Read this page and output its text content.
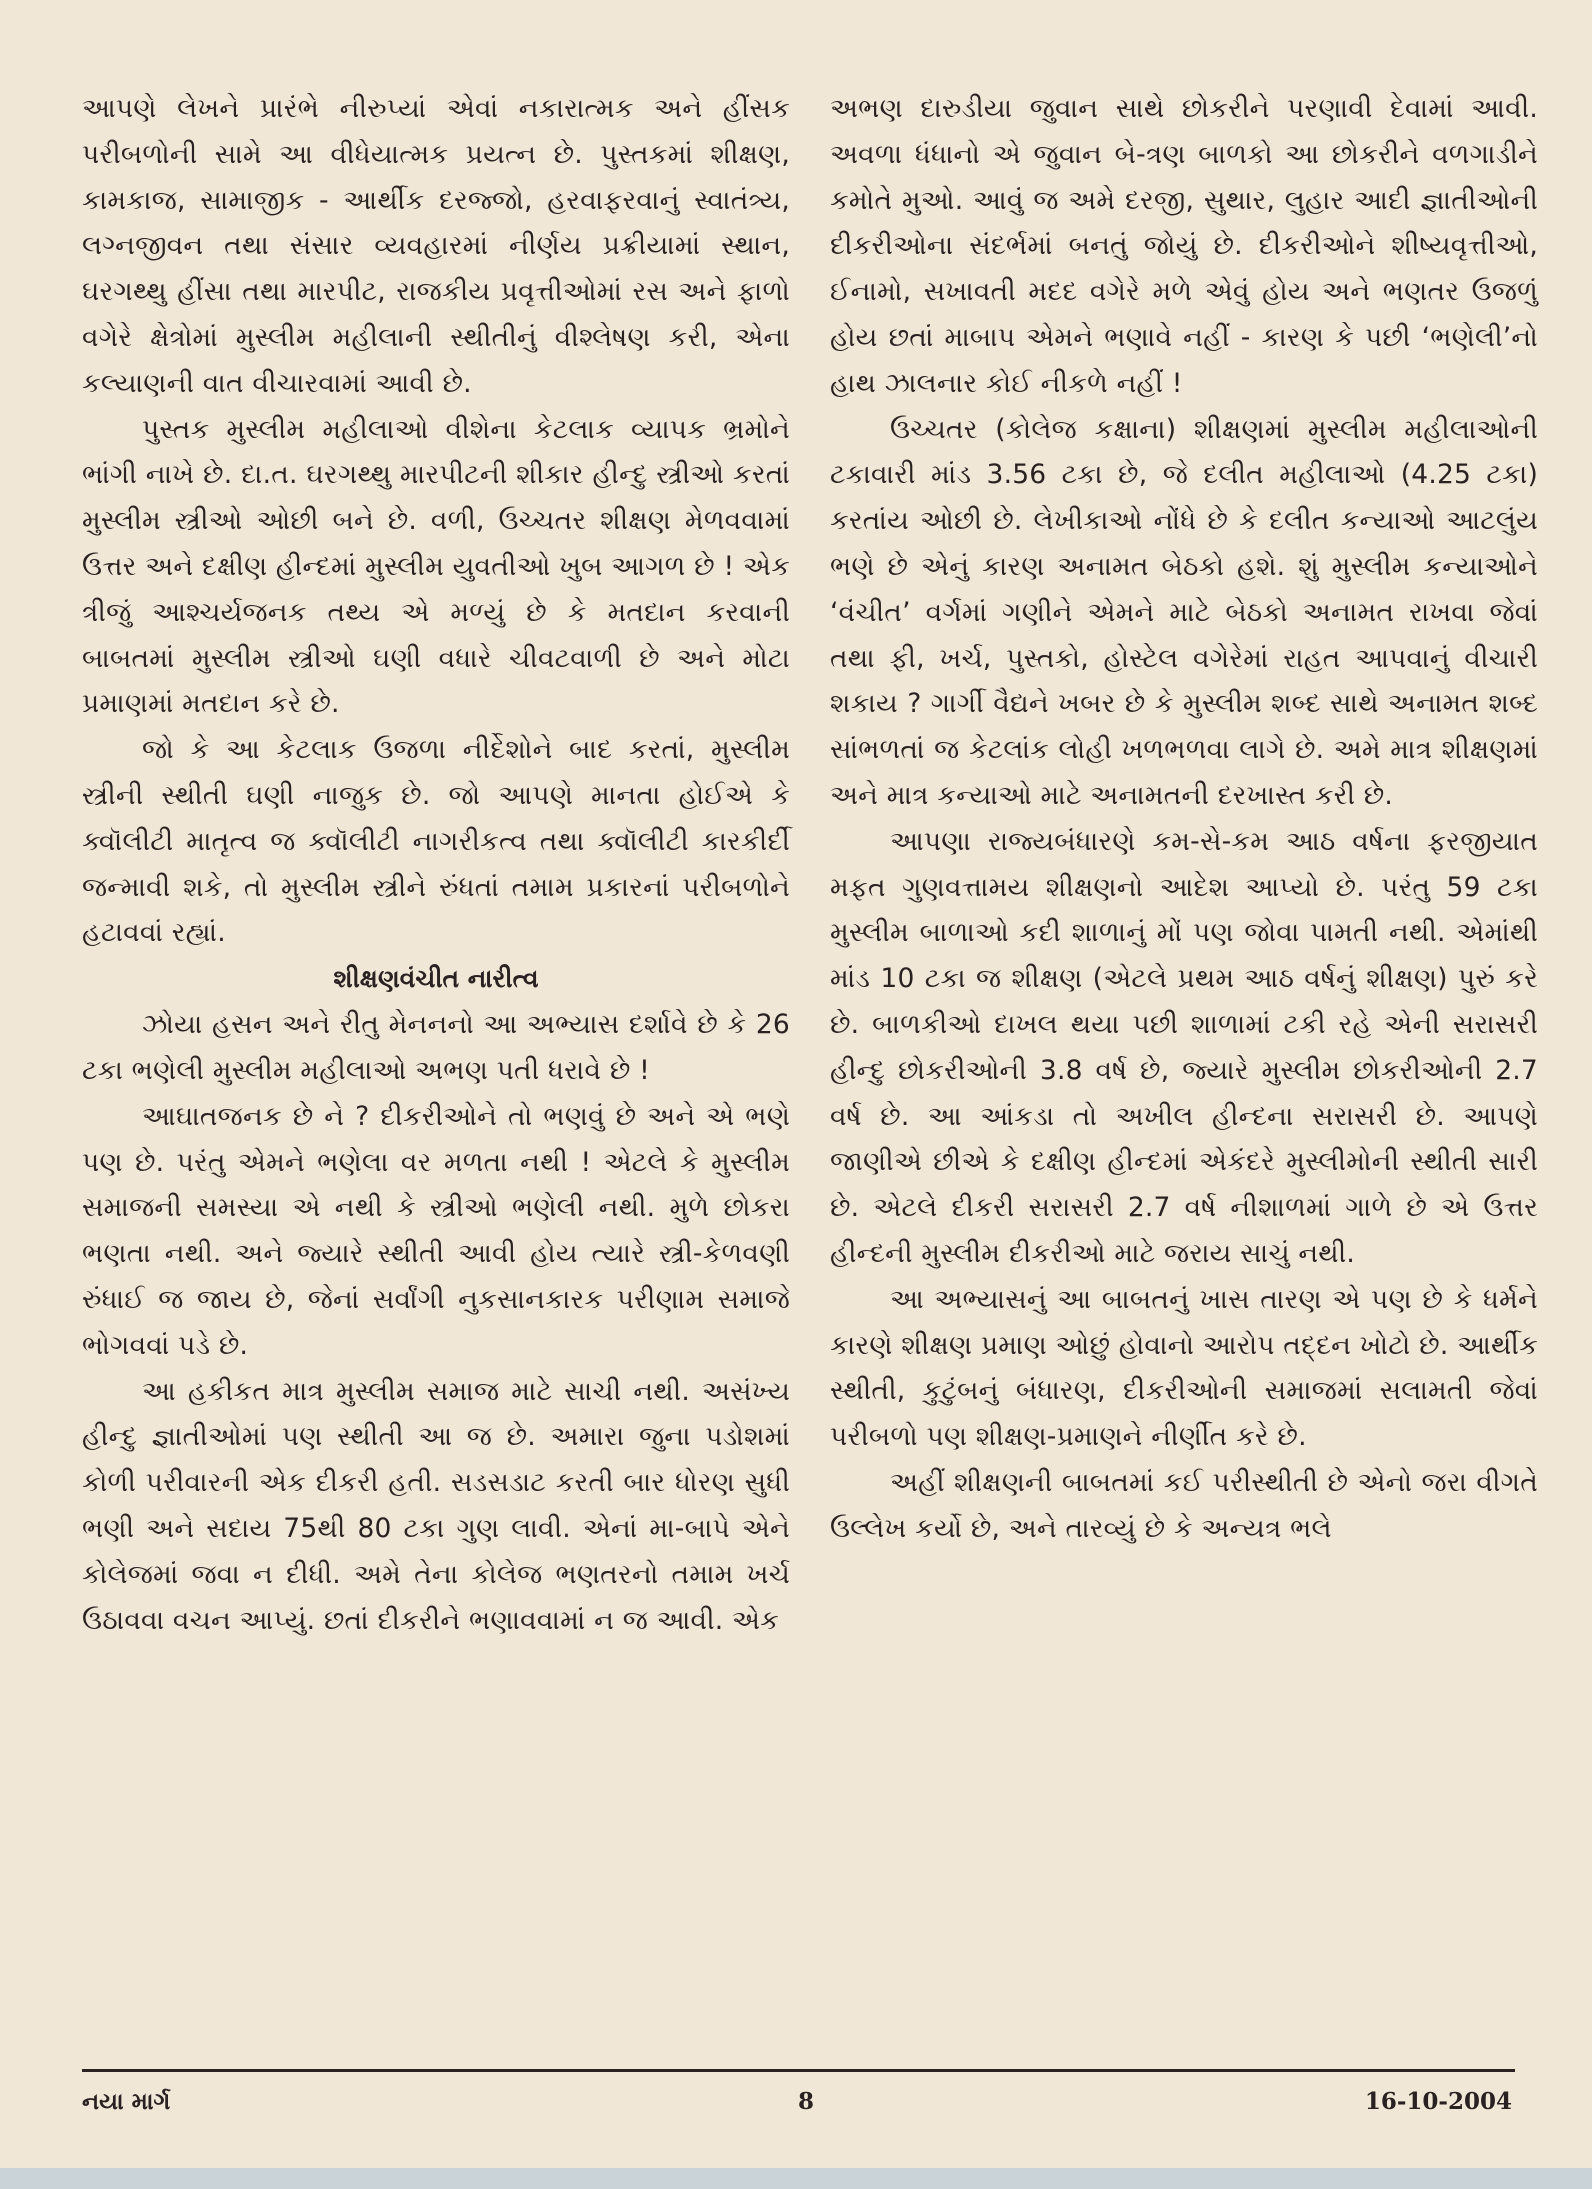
આપણે લેખને પ્રારંભે નીરુપ્યાં એવાં નકારાત્મક અને હીંસક પરીબળોની સામે આ વીધેયાત્મક પ્રયત્ન છે. પુસ્તકમાં શીક્ષણ, કામકાજ, સામાજીક - આર્થીક દરજ્જો, હરવાફરવાનું સ્વાતંત્ર્ય, લગ્નજીવન તથા સંસાર વ્યવહારમાં નીર્ણય પ્રક્રીયામાં સ્થાન, ઘરગથ્થુ હીંસા તથા મારપીટ, રાજકીય પ્રવૃત્તીઓમાં રસ અને ફાળો વગેરે ક્ષેત્રોમાં મુસ્લીમ મહીલાની સ્થીતીનું વીશ્લેષણ કરી, એના કલ્યાણની વાત વીચારવામાં આવી છે.

પુસ્તક મુસ્લીમ મહીલાઓ વીશેના કેટલાક વ્યાપક ભ્રમોને ભાંગી નાખે છે. દા.ત. ઘરગથ્થુ મારપીટની શીકાર હીન્દુ સ્ત્રીઓ કરતાં મુસ્લીમ સ્ત્રીઓ ઓછી બને છે. વળી, ઉચ્ચતર શીક્ષણ મેળવવામાં ઉત્તર અને દક્ષીણ હીન્દમાં મુસ્લીમ યુવતીઓ ખુબ આગળ છે ! એક ત્રીજું આશ્ચર્યજનક તથ્ય એ મળ્યું છે કે મતદાન કરવાની બાબતમાં મુસ્લીમ સ્ત્રીઓ ઘણી વધારે ચીવટવાળી છે અને મોટા પ્રમાણમાં મતદાન કરે છે.

જો કે આ કેટલાક ઉજળા નીર્દેશોને બાદ કરતાં, મુસ્લીમ સ્ત્રીની સ્થીતી ઘણી નાજુક છે. જો આપણે માનતા હોઈએ કે ક્વૉલીટી માતૃત્વ જ ક્વૉલીટી નાગરીકત્વ તથા ક્વૉલીટી કારકીર્દી જન્માવી શકે, તો મુસ્લીમ સ્ત્રીને રુંધતાં તમામ પ્રકારનાં પરીબળોને હટાવવાં રહ્યાં.

શીક્ષણવંચીત નારીત્વ

ઝોયા હસન અને રીતુ મેનનનો આ અભ્યાસ દર્શાવે છે કે 26 ટકા ભણેલી મુસ્લીમ મહીલાઓ અભણ પતી ધરાવે છે !

આઘાતજનક છે ને ? દીકરીઓને તો ભણવું છે અને એ ભણે પણ છે. પરંતુ એમને ભણેલા વર મળતા નથી ! એટલે કે મુસ્લીમ સમાજની સમસ્યા એ નથી કે સ્ત્રીઓ ભણેલી નથી. મુળે છોકરા ભણતા નથી. અને જ્યારે સ્થીતી આવી હોય ત્યારે સ્ત્રી-કેળવણી રુંધાઈ જ જાય છે, જેનાં સર્વાંગી નુકસાનકારક પરીણામ સમાજે ભોગવવાં પડે છે.

આ હકીકત માત્ર મુસ્લીમ સમાજ માટે સાચી નથી. અસંખ્ય હીન્દુ જ્ઞાતીઓમાં પણ સ્થીતી આ જ છે. અમારા જુના પડોશમાં કોળી પરીવારની એક દીકરી હતી. સડસડાટ કરતી બાર ધોરણ સુધી ભણી અને સદાય 75થી 80 ટકા ગુણ લાવી. એનાં મા-બાપે એને કોલેજમાં જવા ન દીધી. અમે તેના કોલેજ ભણતરનો તમામ ખર્ચ ઉઠાવવા વચન આપ્યું. છતાં દીકરીને ભણાવવામાં ન જ આવી. એક

અભણ દારુડીયા જુવાન સાથે છોકરીને પરણાવી દેવામાં આવી. અવળા ધંધાનો એ જુવાન બે-ત્રણ બાળકો આ છોકરીને વળગાડીને કમોતે મુઓ. આવું જ અમે દરજી, સુથાર, લુહાર આદી જ્ઞાતીઓની દીકરીઓના સંદર્ભમાં બનતું જોયું છે. દીકરીઓને શીષ્યવૃત્તીઓ, ઈનામો, સખાવતી મદદ વગેરે મળે એવું હોય અને ભણતર ઉજળું હોય છતાં માબાપ એમને ભણાવે નહીં - કારણ કે પછી ‘ભણેલી’નો હાથ ઝાલનાર કોઈ નીકળે નહીં !

ઉચ્ચતર (કોલેજ કક્ષાના) શીક્ષણમાં મુસ્લીમ મહીલાઓની ટકાવારી માંડ 3.56 ટકા છે, જે દલીત મહીલાઓ (4.25 ટકા) કરતાંય ઓછી છે. લેખીકાઓ નોંધે છે કે દલીત કન્યાઓ આટલુંય ભણે છે એનું કારણ અનામત બેઠકો હશે. શું મુસ્લીમ કન્યાઓને ‘વંચીત’ વર્ગમાં ગણીને એમને માટે બેઠકો અનામત રાખવા જેવાં તથા ફી, ખર્ચ, પુસ્તકો, હોસ્ટેલ વગેરેમાં રાહત આપવાનું વીચારી શકાય ? ગાર્ગી વૈદ્યને ખબર છે કે મુસ્લીમ શબ્દ સાથે અનામત શબ્દ સાંભળતાં જ કેટલાંક લોહી ખળભળવા લાગે છે. અમે માત્ર શીક્ષણમાં અને માત્ર કન્યાઓ માટે અનામતની દરખાસ્ત કરી છે.

આપણા રાજ્યબંધારણે કમ-સે-કમ આઠ વર્ષના ફરજીયાત મફત ગુણવત્તામય શીક્ષણનો આદેશ આપ્યો છે. પરંતુ 59 ટકા મુસ્લીમ બાળાઓ કદી શાળાનું મોં પણ જોવા પામતી નથી. એમાંથી માંડ 10 ટકા જ શીક્ષણ (એટલે પ્રથમ આઠ વર્ષનું શીક્ષણ) પુરું કરે છે. બાળકીઓ દાખલ થયા પછી શાળામાં ટકી રહે એની સરાસરી હીન્દુ છોકરીઓની 3.8 વર્ષ છે, જ્યારે મુસ્લીમ છોકરીઓની 2.7 વર્ષ છે. આ આંકડા તો અખીલ હીન્દના સરાસરી છે. આપણે જાણીએ છીએ કે દક્ષીણ હીન્દમાં એકંદરે મુસ્લીમોની સ્થીતી સારી છે. એટલે દીકરી સરાસરી 2.7 વર્ષ નીશાળમાં ગાળે છે એ ઉત્તર હીન્દની મુસ્લીમ દીકરીઓ માટે જરાય સાચું નથી.

આ અભ્યાસનું આ બાબતનું ખાસ તારણ એ પણ છે કે ધર્મને કારણે શીક્ષણ પ્રમાણ ઓછું હોવાનો આરોપ તદ્દન ખોટો છે. આર્થીક સ્થીતી, કુટુંબનું બંધારણ, દીકરીઓની સમાજમાં સલામતી જેવાં પરીબળો પણ શીક્ષણ-પ્રમાણને નીર્ણીત કરે છે.

અહીં શીક્ષણની બાબતમાં કઈ પરીસ્થીતી છે એનો જરા વીગતે ઉલ્લેખ કર્યો છે, અને તારવ્યું છે કે અન્યત્ર ભલે

નયા માર્ગ	8	16-10-2004
